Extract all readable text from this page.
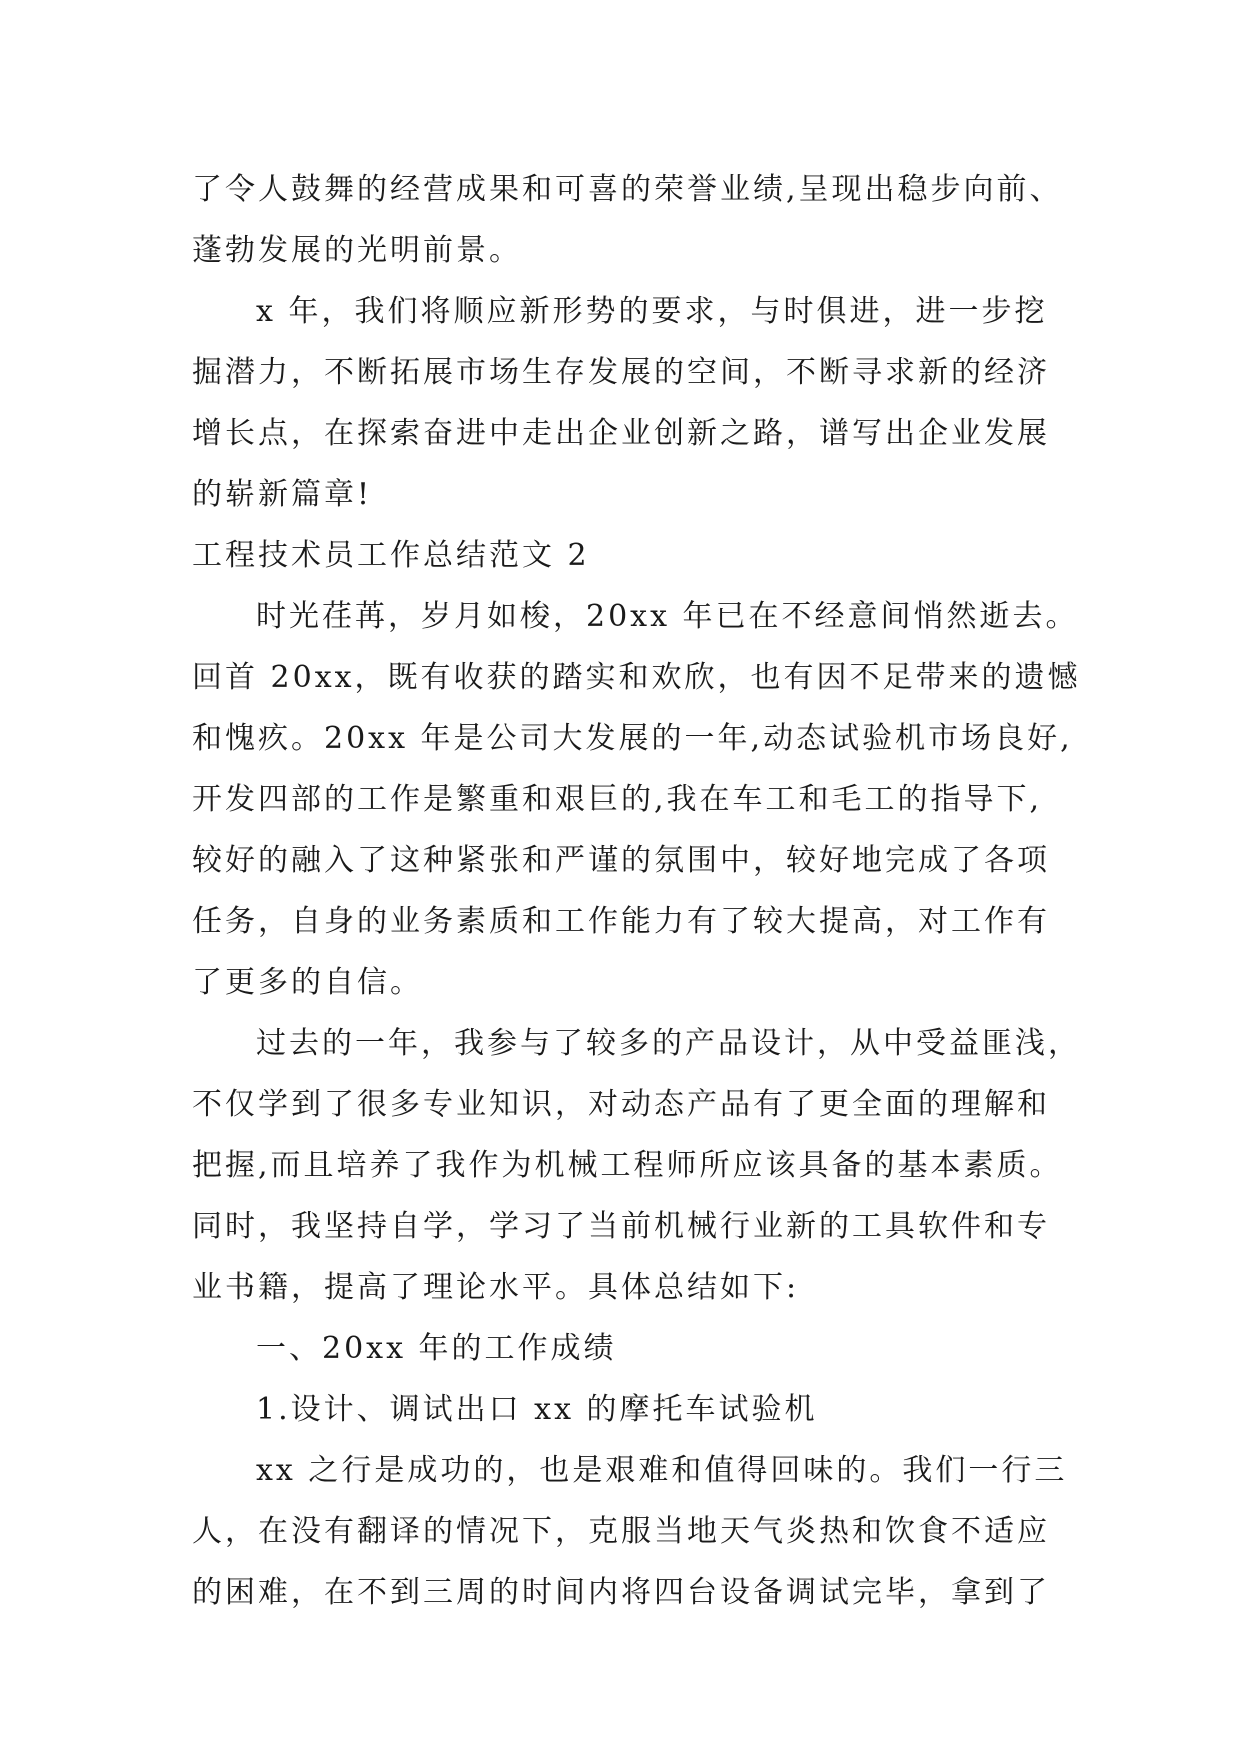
了令人鼓舞的经营成果和可喜的荣誉业绩,呈现出稳步向前、
蓬勃发展的光明前景。
x 年，我们将顺应新形势的要求，与时俱进，进一步挖
掘潜力，不断拓展市场生存发展的空间，不断寻求新的经济
增长点，在探索奋进中走出企业创新之路，谱写出企业发展
的崭新篇章!
工程技术员工作总结范文 2
时光荏苒，岁月如梭，20xx 年已在不经意间悄然逝去。
回首 20xx，既有收获的踏实和欢欣，也有因不足带来的遗憾
和愧疚。20xx 年是公司大发展的一年,动态试验机市场良好,
开发四部的工作是繁重和艰巨的,我在车工和毛工的指导下,
较好的融入了这种紧张和严谨的氛围中，较好地完成了各项
任务，自身的业务素质和工作能力有了较大提高，对工作有
了更多的自信。
过去的一年，我参与了较多的产品设计，从中受益匪浅，
不仅学到了很多专业知识，对动态产品有了更全面的理解和
把握,而且培养了我作为机械工程师所应该具备的基本素质。
同时，我坚持自学，学习了当前机械行业新的工具软件和专
业书籍，提高了理论水平。具体总结如下:
一、20xx 年的工作成绩
1.设计、调试出口 xx 的摩托车试验机
xx 之行是成功的，也是艰难和值得回味的。我们一行三
人，在没有翻译的情况下，克服当地天气炎热和饮食不适应
的困难，在不到三周的时间内将四台设备调试完毕，拿到了
